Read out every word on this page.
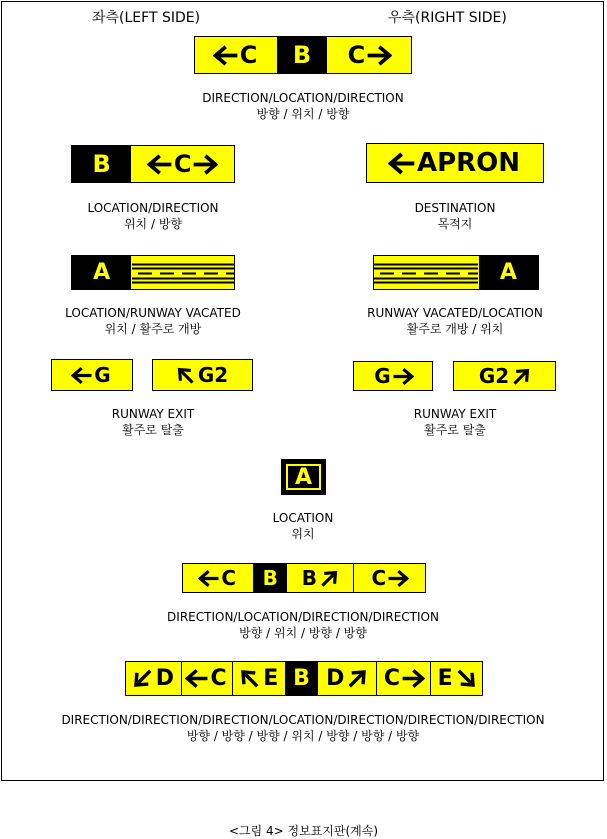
좌측(LEFT SIDE)	우측(RIGHT SIDE)
C B C
DIRECTION/LOCATION/DIRECTION
방향 / 위치 / 방향
B	C
LOCATION/DIRECTION
위치 / 방향
APRON
DESTINATION
목적지
A
LOCATION/RUNWAY VACATED
위치 / 활주로 개방
A
RUNWAY VACATED/LOCATION
활주로 개방 / 위치
G	G2
RUNWAY EXIT
활주로 탈출
G	G2
RUNWAY EXIT
활주로 탈출
A
LOCATION
위치
C B B	C
DIRECTION/LOCATION/DIRECTION/DIRECTION
방향 / 위치 / 방향 / 방향
D C E B D C E
DIRECTION/DIRECTION/DIRECTION/LOCATION/DIRECTION/DIRECTION/DIRECTION
방향 / 방향 / 방향 / 위치 / 방향 / 방향 / 방향
<그림 4> 정보표지판(계속)
